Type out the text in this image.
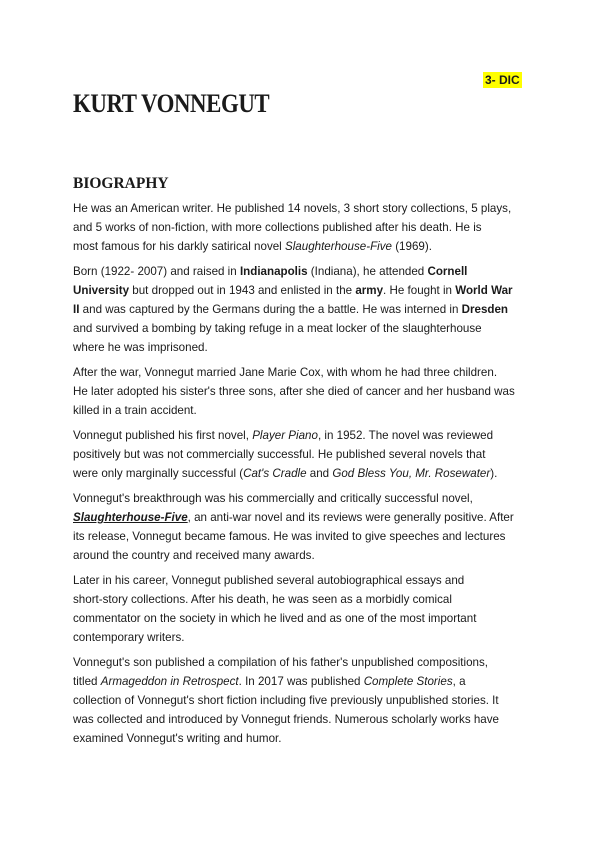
3- DIC
KURT VONNEGUT
BIOGRAPHY

He was an American writer. He published 14 novels, 3 short story collections, 5 plays,
and 5 works of non-fiction, with more collections published after his death. He is
most famous for his darkly satirical novel Slaughterhouse-Five (1969).

Born (1922- 2007) and raised in Indianapolis (Indiana), he attended Cornell
University but dropped out in 1943 and enlisted in the army. He fought in World War
II and was captured by the Germans during the a battle. He was interned in Dresden
and survived a bombing by taking refuge in a meat locker of the slaughterhouse
where he was imprisoned.

After the war, Vonnegut married Jane Marie Cox, with whom he had three children.
He later adopted his sister's three sons, after she died of cancer and her husband was
killed in a train accident.

Vonnegut published his first novel, Player Piano, in 1952. The novel was reviewed
positively but was not commercially successful. He published several novels that
were only marginally successful (Cat's Cradle and God Bless You, Mr. Rosewater).

Vonnegut's breakthrough was his commercially and critically successful novel,
Slaughterhouse-Five, an anti-war novel and its reviews were generally positive. After
its release, Vonnegut became famous. He was invited to give speeches and lectures
around the country and received many awards.

Later in his career, Vonnegut published several autobiographical essays and
short-story collections. After his death, he was seen as a morbidly comical
commentator on the society in which he lived and as one of the most important
contemporary writers.

Vonnegut's son published a compilation of his father's unpublished compositions,
titled Armageddon in Retrospect. In 2017 was published Complete Stories, a
collection of Vonnegut's short fiction including five previously unpublished stories. It
was collected and introduced by Vonnegut friends. Numerous scholarly works have
examined Vonnegut's writing and humor.
